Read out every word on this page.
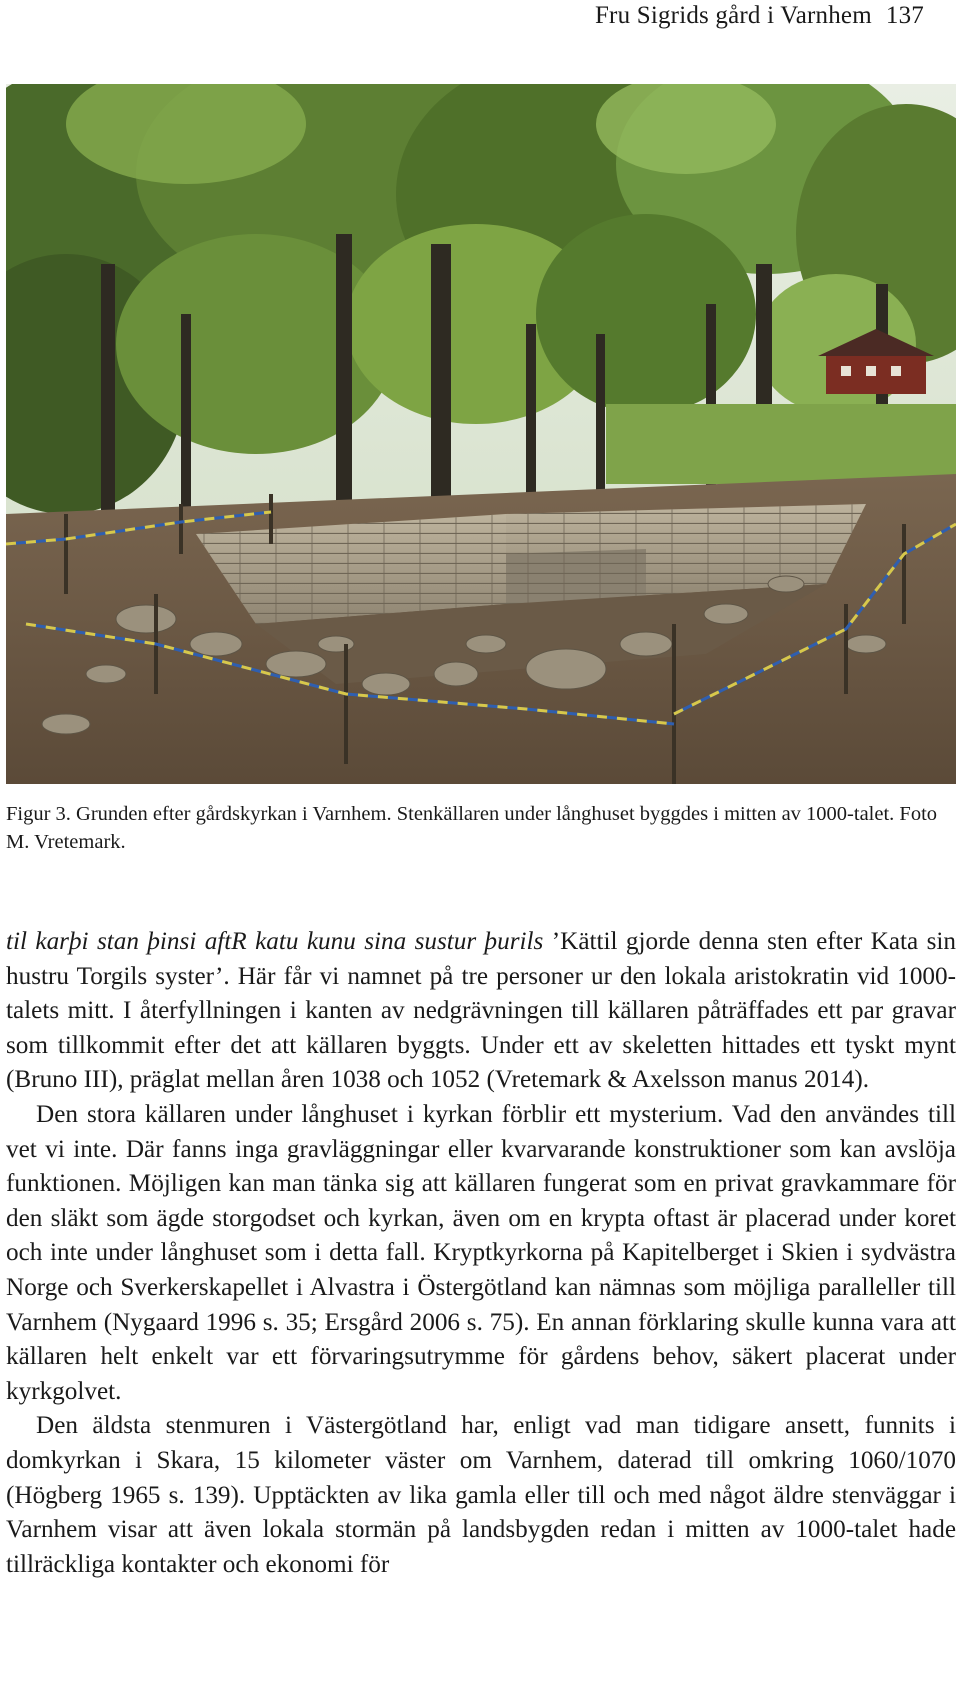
Fru Sigrids gård i Varnhem 137
Figur 3. Grunden efter gårdskyrkan i Varnhem. Stenkällaren under långhuset byggdes i mitten av 1000-talet. Foto M. Vretemark.

til karþi stan þinsi aftR katu kunu sina sustur þurils ’Kättil gjorde denna sten efter Kata sin hustru Torgils syster’. Här får vi namnet på tre personer ur den lokala aristokratin vid 1000-talets mitt. I återfyllningen i kanten av nedgrävningen till källaren påträffades ett par gravar som tillkommit efter det att källaren byggts. Under ett av skeletten hittades ett tyskt mynt (Bruno III), präglat mellan åren 1038 och 1052 (Vretemark & Axelsson manus 2014).

Den stora källaren under långhuset i kyrkan förblir ett mysterium. Vad den användes till vet vi inte. Där fanns inga gravläggningar eller kvarvarande konstruktioner som kan avslöja funktionen. Möjligen kan man tänka sig att källaren fungerat som en privat gravkammare för den släkt som ägde storgodset och kyrkan, även om en krypta oftast är placerad under koret och inte under långhuset som i detta fall. Kryptkyrkorna på Kapitelberget i Skien i sydvästra Norge och Sverkerskapellet i Alvastra i Östergötland kan nämnas som möjliga paralleller till Varnhem (Nygaard 1996 s. 35; Ersgård 2006 s. 75). En annan förklaring skulle kunna vara att källaren helt enkelt var ett förvaringsutrymme för gårdens behov, säkert placerat under kyrkgolvet.

Den äldsta stenmuren i Västergötland har, enligt vad man tidigare ansett, funnits i domkyrkan i Skara, 15 kilometer väster om Varnhem, daterad till omkring 1060/1070 (Högberg 1965 s. 139). Upptäckten av lika gamla eller till och med något äldre stenväggar i Varnhem visar att även lokala stormän på landsbygden redan i mitten av 1000-talet hade tillräckliga kontakter och ekonomi för
